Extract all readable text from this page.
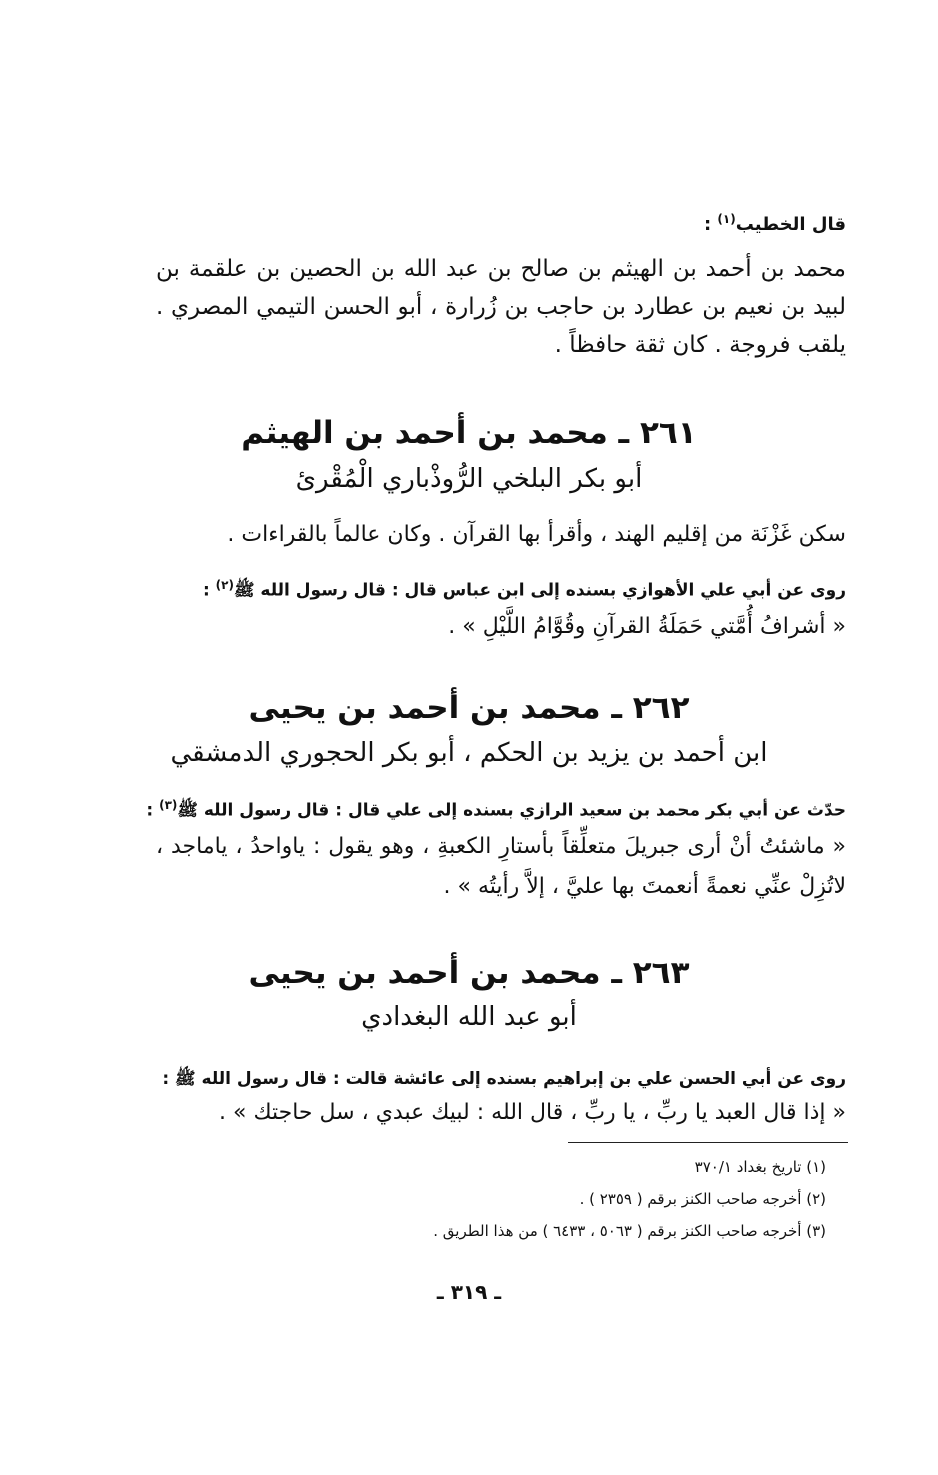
قال الخطيب$^{(١)}$ :
محمد بن أحمد بن الهيثم بن صالح بن عبد الله بن الحصين بن علقمة بن لبيد بن نعيم بن عطارد بن حاجب بن زُرارة ، أبو الحسن التيمي المصري . يلقب فروجة . كان ثقة حافظاً .
٢٦١ ـ محمد بن أحمد بن الهيثم
أبو بكر البلخي الرُّوذْباري الْمُقْرئ
سكن غَزْنَة من إقليم الهند ، وأقرأ بها القرآن . وكان عالماً بالقراءات .
روى عن أبي علي الأهوازي بسنده إلى ابن عباس قال : قال رسول الله ﷺ$^{(٢)}$ :
« أشرافُ أُمَّتي حَمَلَةُ القرآنِ وقُوَّامُ اللَّيْلِ » .
٢٦٢ ـ محمد بن أحمد بن يحيى
ابن أحمد بن يزيد بن الحكم ، أبو بكر الحجوري الدمشقي
حدّث عن أبي بكر محمد بن سعيد الرازي بسنده إلى علي قال : قال رسول الله ﷺ$^{(٣)}$ :
« ماشئتُ أنْ أرى جبريلَ متعلِّقاً بأستارِ الكعبةِ ، وهو يقول : ياواحدُ ، ياماجد ،
لاتُزِلْ عنِّي نعمةً أنعمتَ بها عليَّ ، إلاَّ رأيتُه » .
٢٦٣ ـ محمد بن أحمد بن يحيى
أبو عبد الله البغدادي
روى عن أبي الحسن علي بن إبراهيم بسنده إلى عائشة قالت : قال رسول الله ﷺ :
« إذا قال العبد يا ربِّ ، يا ربِّ ، قال الله : لبيك عبدي ، سل حاجتك » .
(١) تاريخ بغداد ٣٧٠/١
(٢) أخرجه صاحب الكنز برقم ( ٢٣٥٩ ) .
(٣) أخرجه صاحب الكنز برقم ( ٥٠٦٣ ، ٦٤٣٣ ) من هذا الطريق .
ـ ٣١٩ ـ
